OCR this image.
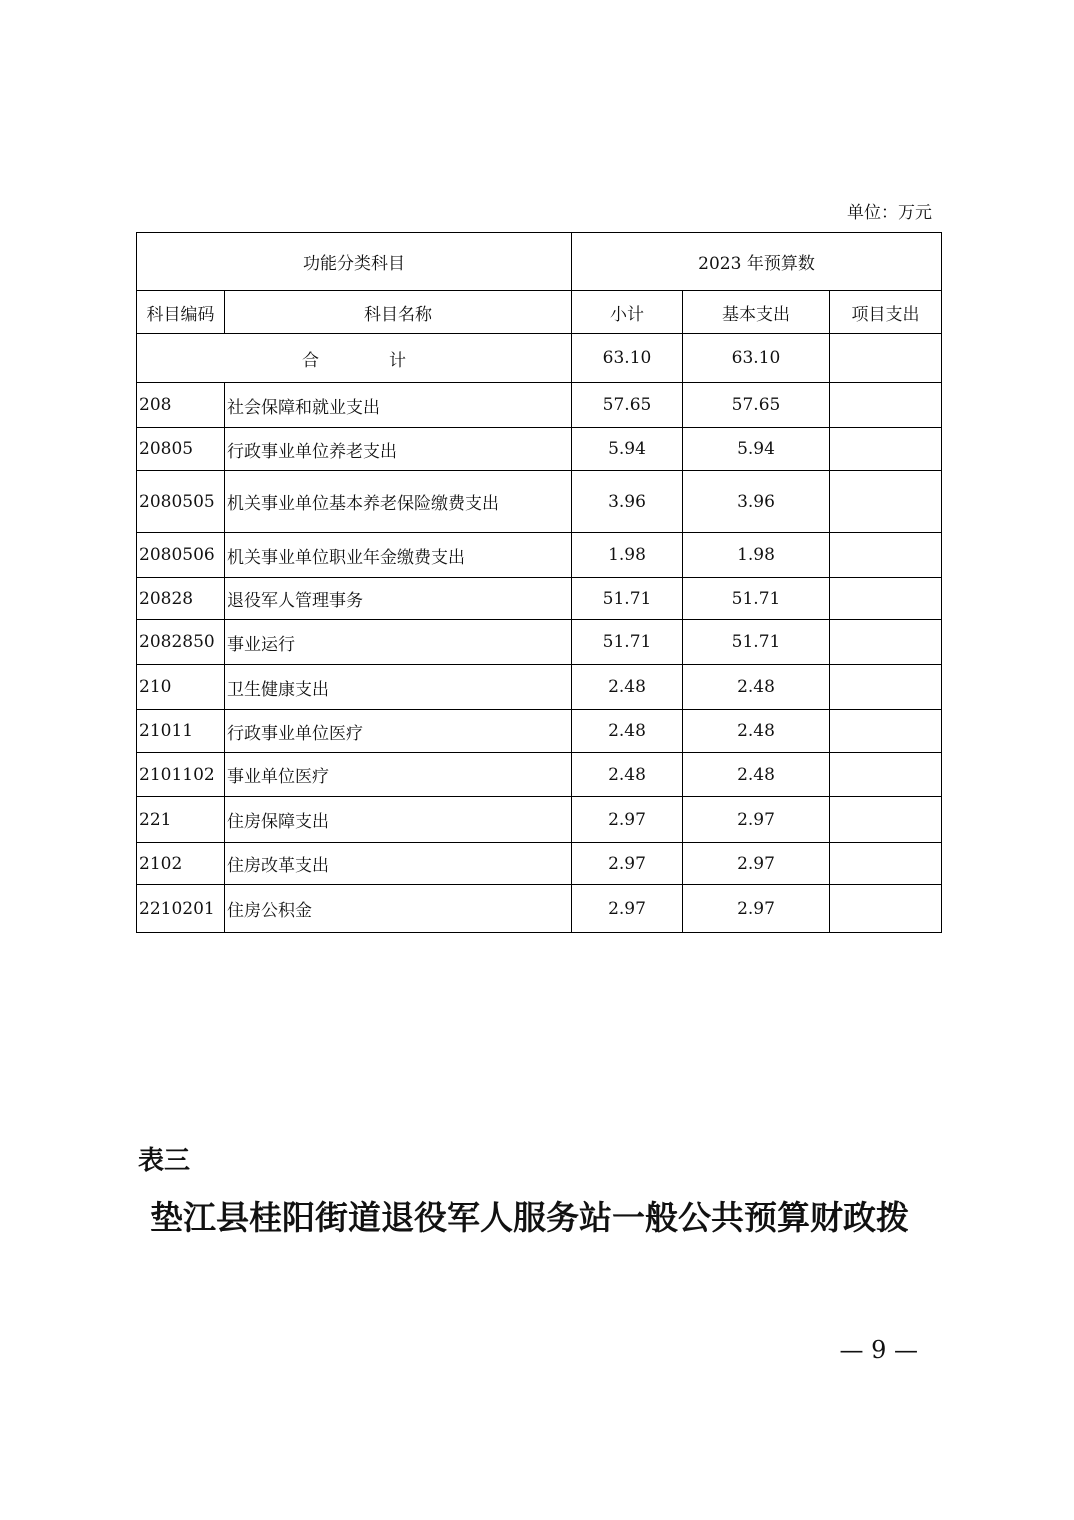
单位：万元
功能分类科目		2023 年预算数		
科目编码	科目名称	小计	基本支出	项目支出
合 计		63.10	63.10	
208	社会保障和就业支出	57.65	57.65	
20805	行政事业单位养老支出	5.94	5.94	
2080505	机关事业单位基本养老保险缴费支出	3.96	3.96	
2080506	机关事业单位职业年金缴费支出	1.98	1.98	
20828	退役军人管理事务	51.71	51.71	
2082850	事业运行	51.71	51.71	
210	卫生健康支出	2.48	2.48	
21011	行政事业单位医疗	2.48	2.48	
2101102	事业单位医疗	2.48	2.48	
221	住房保障支出	2.97	2.97	
2102	住房改革支出	2.97	2.97	
2210201	住房公积金	2.97	2.97	
表三
垫江县桂阳街道退役军人服务站一般公共预算财政拨
— 9 —
